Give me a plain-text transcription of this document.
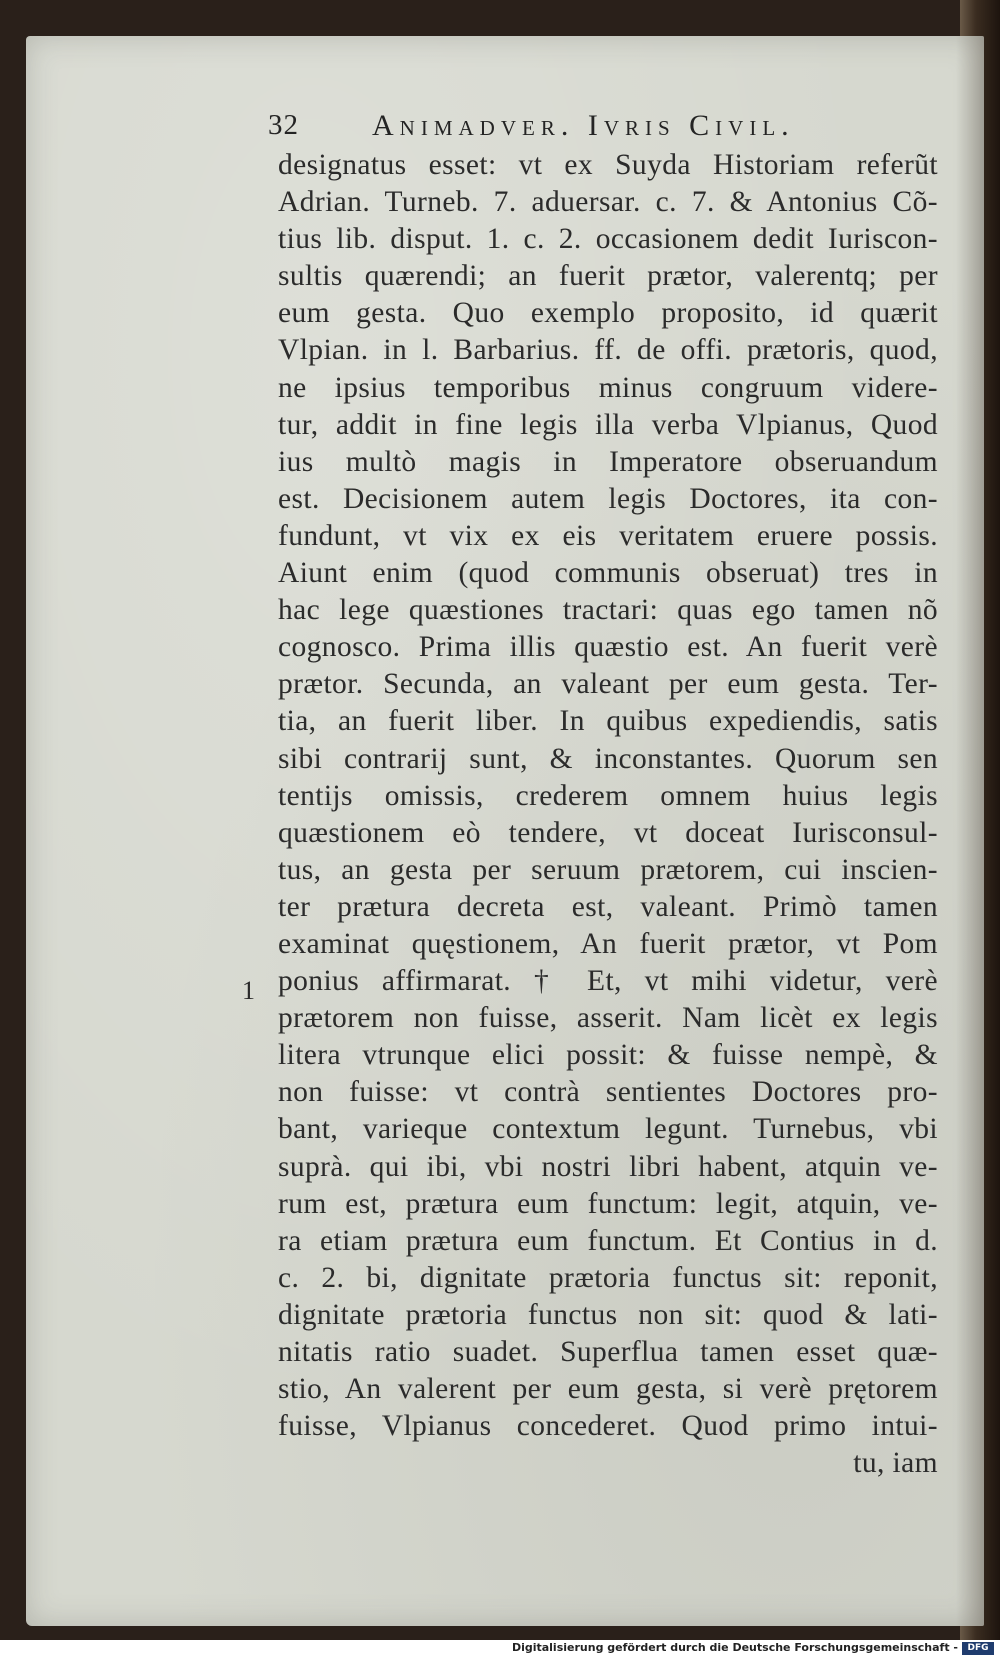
32 Animadver. Ivris Civil.
1
designatus esset: vt ex Suyda Historiam referũt
Adrian. Turneb. 7. aduersar. c. 7. & Antonius Cõ-
tius lib. disput. 1. c. 2. occasionem dedit Iuriscon-
sultis quærendi; an fuerit prætor, valerentq; per
eum gesta. Quo exemplo proposito, id quærit
Vlpian. in l. Barbarius. ff. de offi. prætoris, quod,
ne ipsius temporibus minus congruum videre-
tur, addit in fine legis illa verba Vlpianus, Quod
ius multò magis in Imperatore obseruandum
est. Decisionem autem legis Doctores, ita con-
fundunt, vt vix ex eis veritatem eruere possis.
Aiunt enim (quod communis obseruat) tres in
hac lege quæstiones tractari: quas ego tamen nõ
cognosco. Prima illis quæstio est. An fuerit verè
prætor. Secunda, an valeant per eum gesta. Ter-
tia, an fuerit liber. In quibus expediendis, satis
sibi contrarij sunt, & inconstantes. Quorum sen
tentijs omissis, crederem omnem huius legis
quæstionem eò tendere, vt doceat Iurisconsul-
tus, an gesta per seruum prætorem, cui inscien-
ter prætura decreta est, valeant. Primò tamen
examinat quęstionem, An fuerit prætor, vt Pom
ponius affirmarat. † Et, vt mihi videtur, verè
prætorem non fuisse, asserit. Nam licèt ex legis
litera vtrunque elici possit: & fuisse nempè, &
non fuisse: vt contrà sentientes Doctores pro-
bant, varieque contextum legunt. Turnebus, vbi
suprà. qui ibi, vbi nostri libri habent, atquin ve-
rum est, prætura eum functum: legit, atquin, ve-
ra etiam prætura eum functum. Et Contius in d.
c. 2. bi, dignitate prætoria functus sit: reponit,
dignitate prætoria functus non sit: quod & lati-
nitatis ratio suadet. Superflua tamen esset quæ-
stio, An valerent per eum gesta, si verè prętorem
fuisse, Vlpianus concederet. Quod primo intui-
tu, iam
Digitalisierung gefördert durch die Deutsche Forschungsgemeinschaft -	DFG
